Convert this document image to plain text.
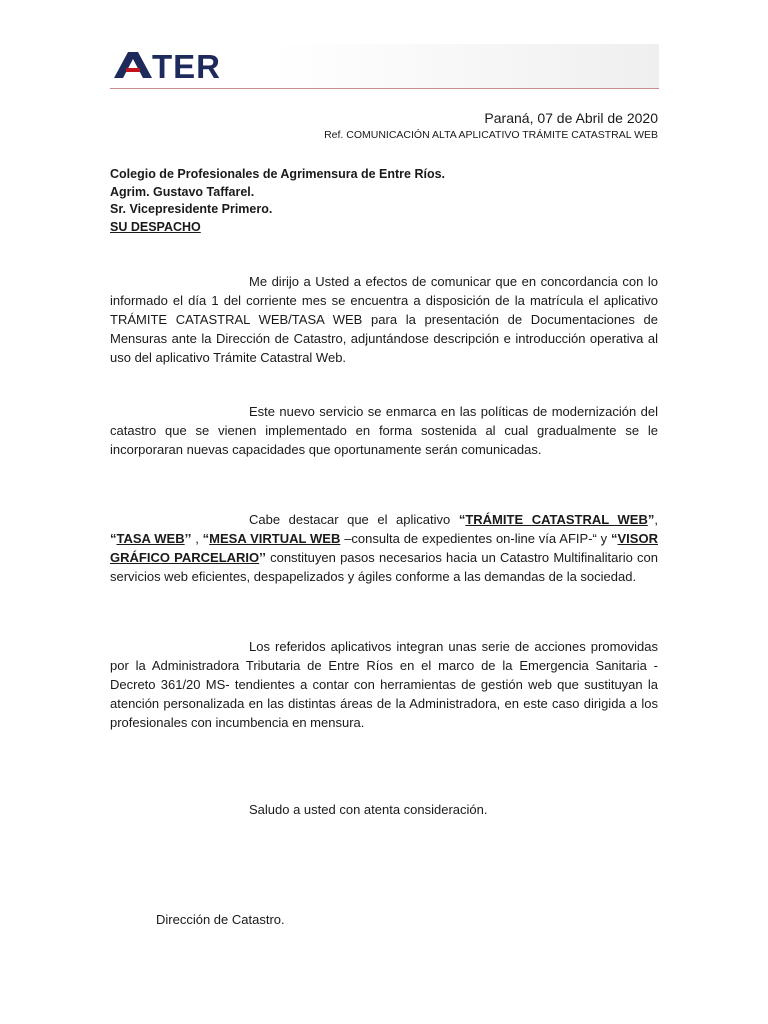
TER
Paraná, 07 de Abril de 2020
Ref. COMUNICACIÓN ALTA APLICATIVO TRÁMITE CATASTRAL WEB
Colegio de Profesionales de Agrimensura de Entre Ríos.
Agrim. Gustavo Taffarel.
Sr. Vicepresidente Primero.
SU DESPACHO
Me dirijo a Usted a efectos de comunicar que en concordancia con lo informado el día 1 del corriente mes se encuentra a disposición de la matrícula el aplicativo TRÁMITE CATASTRAL WEB/TASA WEB para la presentación de Documentaciones de Mensuras ante la Dirección de Catastro, adjuntándose descripción e introducción operativa al uso del aplicativo Trámite Catastral Web.
Este nuevo servicio se enmarca en las políticas de modernización del catastro que se vienen implementado en forma sostenida al cual gradualmente se le incorporaran nuevas capacidades que oportunamente serán comunicadas.
Cabe destacar que el aplicativo “TRÁMITE CATASTRAL WEB”, “TASA WEB’’ , “MESA VIRTUAL WEB –consulta de expedientes on-line vía AFIP-“ y “VISOR GRÁFICO PARCELARIO’’ constituyen pasos necesarios hacia un Catastro Multifinalitario con servicios web eficientes, despapelizados y ágiles conforme a las demandas de la sociedad.
Los referidos aplicativos integran unas serie de acciones promovidas por la Administradora Tributaria de Entre Ríos en el marco de la Emergencia Sanitaria -Decreto 361/20 MS- tendientes a contar con herramientas de gestión web que sustituyan la atención personalizada en las distintas áreas de la Administradora, en este caso dirigida a los profesionales con incumbencia en mensura.
Saludo a usted con atenta consideración.
Dirección de Catastro.
